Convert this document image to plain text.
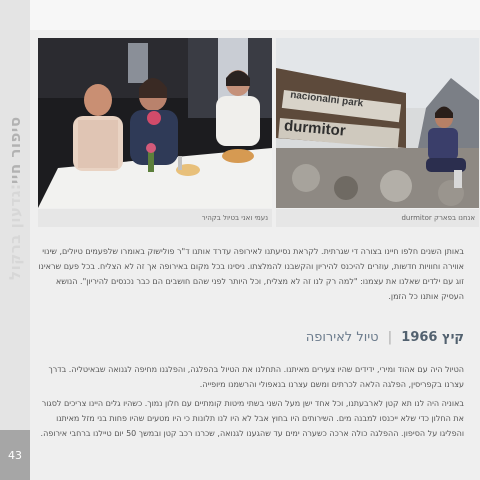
גדעון ברקול:
סיפור חיי
43
נעמי ואני בטיול בקהיר
nacionalni park
durmitor
אנחנו בפארק durmitor

באותן השנים חלפו חיינו בצורה די שגרתית. לקראת נסיעתנו לאירופה עדרד אותנו ד"ר פולישוק באומרו שלפעמים טיולים, שינוי אווירה וחוויות חדשות, עוזרים להיכנס להיריון והקשבנו להמלצתו. ניסינו בכל מקום באירופה אך זה לא הצליח. בכל פעם שראינו זוג עם ילדים שאלנו את עצמנו: "למה רק לנו זה לא מצליח, וכל היותר לפני שהם חושבים הם כבר נכנסים להיריון". הנושא העסיק אותנו כל הזמן.

קיץ 1966 | טיול לאירופה

הטיול היה עם אהוד ומירי, ידידים שהיו צעירים מאיתנו. התחלנו את הטיול בהפלגה, והפלגנו מחיפה לגנואה שבאיטליה. בדרך עצרנו בקפריסין, הפלגה הלאה לכרתים ומשם עצרנו בנאפולי והרשמנו מיופייה.

באוניה היה לנו תא קטן לארבעתנו, וכל אחד ישן מעל השני בשתי מיטות קומתיים עם חלון נמוך. כשהיו גלים היינו צריכים לסגור את החלון כדי שלא ייכנסו למבנה מים. השירותים היו בחוץ אבל לא היו לנו תלונות כי היו מטעים שהיו פחות בני מזל מאיתנו והפליגו על הסיפון. ההפלגה כולה ארכה כשערה ימים עד שהגענו לגנואה, שכרנו רכב קטן ובמשך 50 יום טיילנו ברחבי אירופה.
